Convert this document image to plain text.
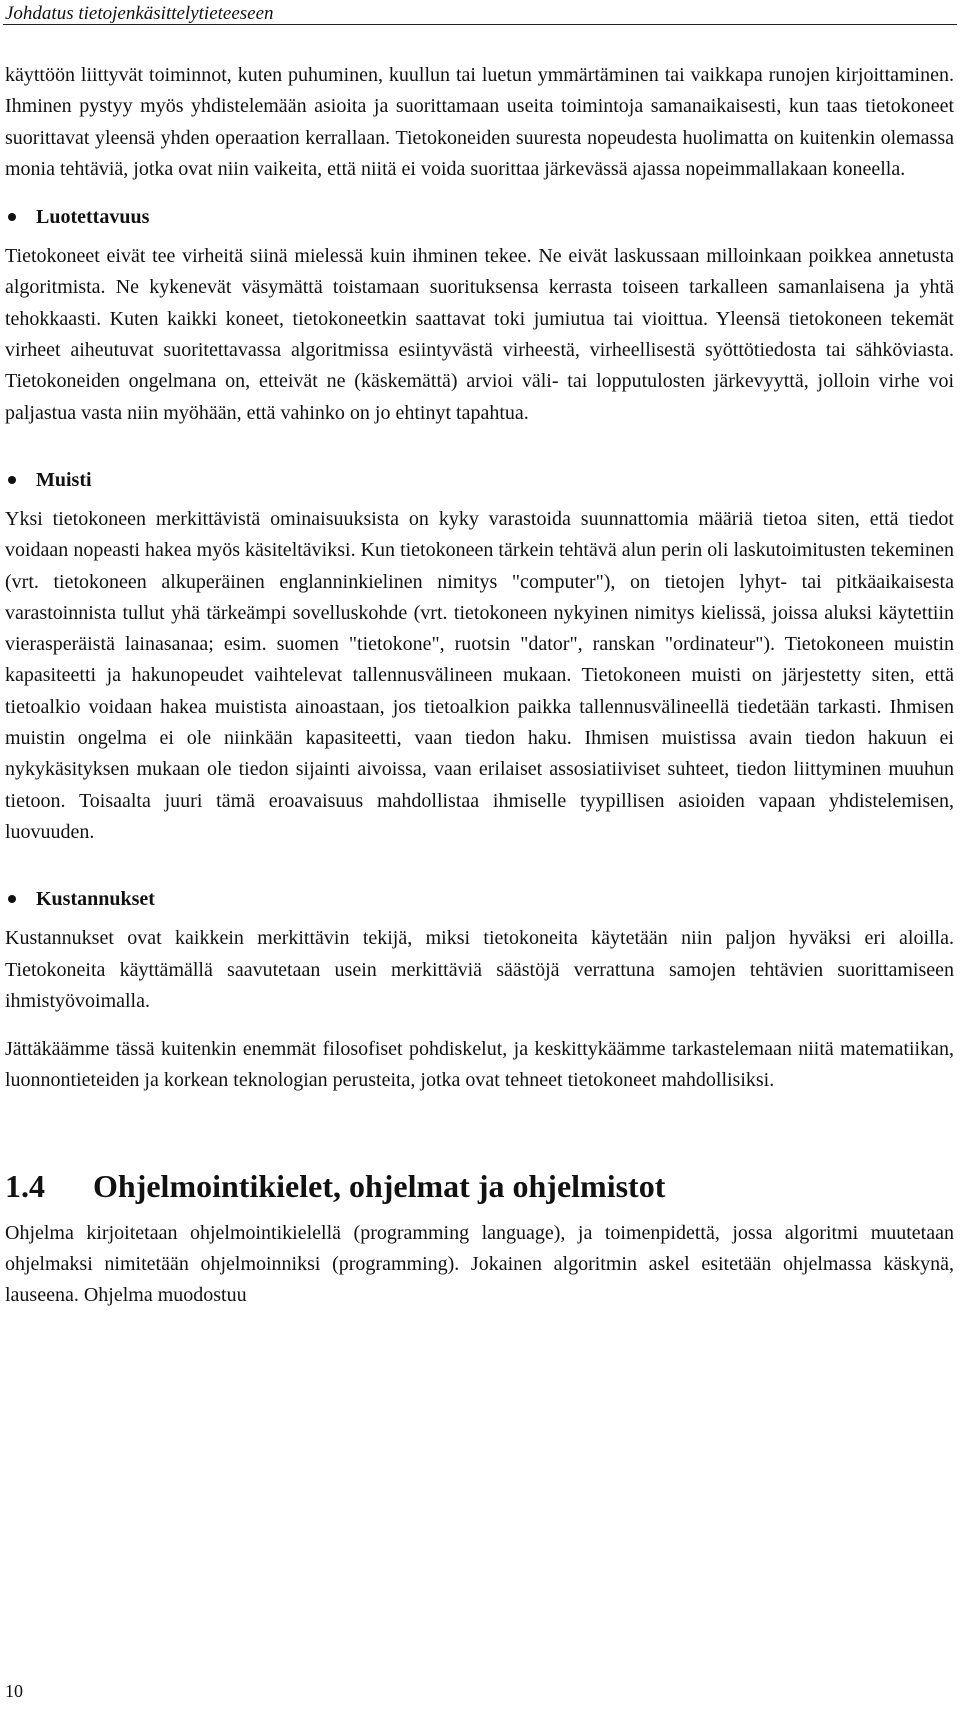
Johdatus tietojenkäsittelytieteeseen

käyttöön liittyvät toiminnot, kuten puhuminen, kuullun tai luetun ymmärtäminen tai vaikkapa runojen kirjoittaminen. Ihminen pystyy myös yhdistelemään asioita ja suorittamaan useita toimintoja samanaikaisesti, kun taas tietokoneet suorittavat yleensä yhden operaation kerrallaan. Tietokoneiden suuresta nopeudesta huolimatta on kuitenkin olemassa monia tehtäviä, jotka ovat niin vaikeita, että niitä ei voida suorittaa järkevässä ajassa nopeimmallakaan koneella.

Luotettavuus

Tietokoneet eivät tee virheitä siinä mielessä kuin ihminen tekee. Ne eivät laskussaan milloinkaan poikkea annetusta algoritmista. Ne kykenevät väsymättä toistamaan suorituksensa kerrasta toiseen tarkalleen samanlaisena ja yhtä tehokkaasti. Kuten kaikki koneet, tietokoneetkin saattavat toki jumiutua tai vioittua. Yleensä tietokoneen tekemät virheet aiheutuvat suoritettavassa algoritmissa esiintyvästä virheestä, virheellisestä syöttötiedosta tai sähköviasta. Tietokoneiden ongelmana on, etteivät ne (käskemättä) arvioi väli- tai lopputulosten järkevyyttä, jolloin virhe voi paljastua vasta niin myöhään, että vahinko on jo ehtinyt tapahtua.

Muisti

Yksi tietokoneen merkittävistä ominaisuuksista on kyky varastoida suunnattomia määriä tietoa siten, että tiedot voidaan nopeasti hakea myös käsiteltäviksi. Kun tietokoneen tärkein tehtävä alun perin oli laskutoimitusten tekeminen (vrt. tietokoneen alkuperäinen englanninkielinen nimitys "computer"), on tietojen lyhyt- tai pitkäaikaisesta varastoinnista tullut yhä tärkeämpi sovelluskohde (vrt. tietokoneen nykyinen nimitys kielissä, joissa aluksi käytettiin vierasperäistä lainasanaa; esim. suomen "tietokone", ruotsin "dator", ranskan "ordinateur"). Tietokoneen muistin kapasiteetti ja hakunopeudet vaihtelevat tallennusvälineen mukaan. Tietokoneen muisti on järjestetty siten, että tietoalkio voidaan hakea muistista ainoastaan, jos tietoalkion paikka tallennusvälineellä tiedetään tarkasti. Ihmisen muistin ongelma ei ole niinkään kapasiteetti, vaan tiedon haku. Ihmisen muistissa avain tiedon hakuun ei nykykäsityksen mukaan ole tiedon sijainti aivoissa, vaan erilaiset assosiatiiviset suhteet, tiedon liittyminen muuhun tietoon. Toisaalta juuri tämä eroavaisuus mahdollistaa ihmiselle tyypillisen asioiden vapaan yhdistelemisen, luovuuden.

Kustannukset

Kustannukset ovat kaikkein merkittävin tekijä, miksi tietokoneita käytetään niin paljon hyväksi eri aloilla. Tietokoneita käyttämällä saavutetaan usein merkittäviä säästöjä verrattuna samojen tehtävien suorittamiseen ihmistyövoimalla.

Jättäkäämme tässä kuitenkin enemmät filosofiset pohdiskelut, ja keskittykäämme tarkastelemaan niitä matematiikan, luonnontieteiden ja korkean teknologian perusteita, jotka ovat tehneet tietokoneet mahdollisiksi.

1.4	Ohjelmointikielet, ohjelmat ja ohjelmistot

Ohjelma kirjoitetaan ohjelmointikielellä (programming language), ja toimenpidettä, jossa algoritmi muutetaan ohjelmaksi nimitetään ohjelmoinniksi (programming). Jokainen algoritmin askel esitetään ohjelmassa käskynä, lauseena. Ohjelma muodostuu

10
